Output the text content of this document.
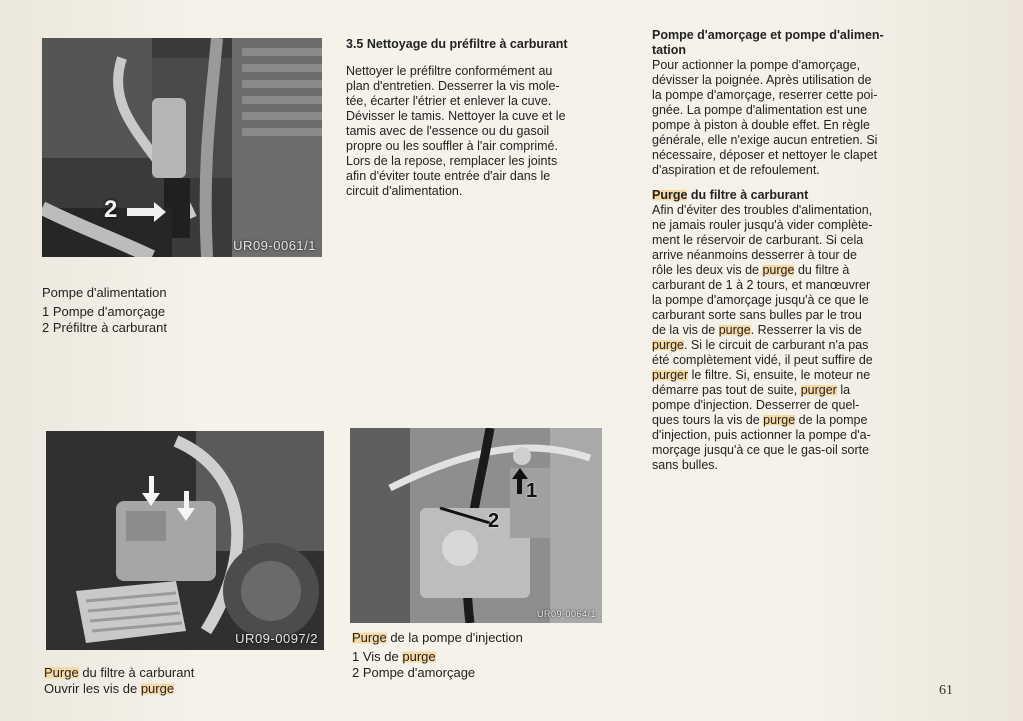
2
UR09-0061/1
Pompe d'alimentation
1 Pompe d'amorçage
2 Préfiltre à carburant
UR09-0097/2
Purge du filtre à carburant
Ouvrir les vis de purge
1
2
UR09-0064/1
Purge de la pompe d'injection
1 Vis de purge
2 Pompe d'amorçage
3.5 Nettoyage du préfiltre à carburant
Nettoyer le préfiltre conformément au
plan d'entretien. Desserrer la vis mole-
tée, écarter l'étrier et enlever la cuve.
Dévisser le tamis. Nettoyer la cuve et le
tamis avec de l'essence ou du gasoil
propre ou les souffler à l'air comprimé.
Lors de la repose, remplacer les joints
afin d'éviter toute entrée d'air dans le
circuit d'alimentation.
Pompe d'amorçage et pompe d'alimen-
tation
Pour actionner la pompe d'amorçage,
dévisser la poignée. Après utilisation de
la pompe d'amorçage, reserrer cette poi-
gnée. La pompe d'alimentation est une
pompe à piston à double effet. En règle
générale, elle n'exige aucun entretien. Si
nécessaire, déposer et nettoyer le clapet
d'aspiration et de refoulement.
Purge du filtre à carburant
Afin d'éviter des troubles d'alimentation,
ne jamais rouler jusqu'à vider complète-
ment le réservoir de carburant. Si cela
arrive néanmoins desserrer à tour de
rôle les deux vis de purge du filtre à
carburant de 1 à 2 tours, et manœuvrer
la pompe d'amorçage jusqu'à ce que le
carburant sorte sans bulles par le trou
de la vis de purge. Resserrer la vis de
purge. Si le circuit de carburant n'a pas
été complètement vidé, il peut suffire de
purger le filtre. Si, ensuite, le moteur ne
démarre pas tout de suite, purger la
pompe d'injection. Desserrer de quel-
ques tours la vis de purge de la pompe
d'injection, puis actionner la pompe d'a-
morçage jusqu'à ce que le gas-oil sorte
sans bulles.
61
